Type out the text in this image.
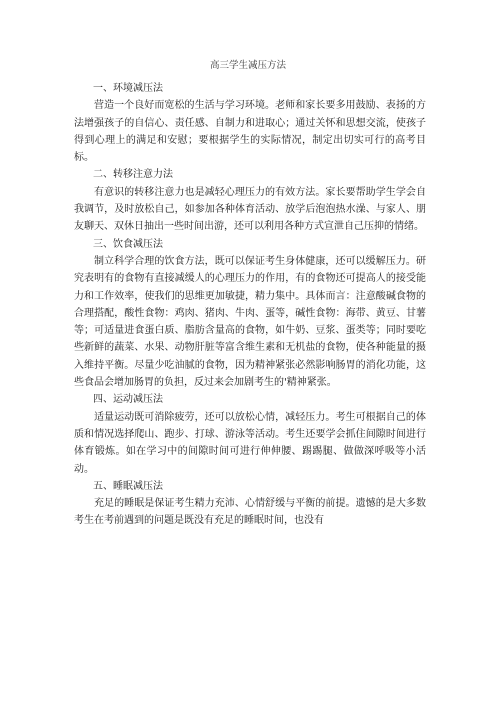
高三学生减压方法
一、环境减压法
营造一个良好而宽松的生活与学习环境。老师和家长要多用鼓励、表扬的方法增强孩子的自信心、责任感、自制力和进取心；通过关怀和思想交流，使孩子得到心理上的满足和安慰；要根据学生的实际情况，制定出切实可行的高考目标。
二、转移注意力法
有意识的转移注意力也是减轻心理压力的有效方法。家长要帮助学生学会自我调节，及时放松自己，如参加各种体育活动、放学后泡泡热水澡、与家人、朋友聊天、双休日抽出一些时间出游，还可以利用各种方式宣泄自己压抑的情绪。
三、饮食减压法
制立科学合理的饮食方法，既可以保证考生身体健康，还可以缓解压力。研究表明有的食物有直接减缓人的心理压力的作用，有的食物还可提高人的接受能力和工作效率，使我们的思维更加敏捷，精力集中。具体而言：注意酸碱食物的合理搭配，酸性食物：鸡肉、猪肉、牛肉、蛋等，碱性食物：海带、黄豆、甘薯等；可适量进食蛋白质、脂肪含量高的食物，如牛奶、豆浆、蛋类等；同时要吃些新鲜的蔬菜、水果、动物肝脏等富含维生素和无机盐的食物，使各种能量的摄入维持平衡。尽量少吃油腻的食物，因为精神紧张必然影响肠胃的消化功能，这些食品会增加肠胃的负担，反过来会加剧考生的'精神紧张。
四、运动减压法
适量运动既可消除疲劳，还可以放松心情，减轻压力。考生可根据自己的体质和情况选择爬山、跑步、打球、游泳等活动。考生还要学会抓住间隙时间进行体育锻炼。如在学习中的间隙时间可进行伸伸腰、踢踢腿、做做深呼吸等小活动。
五、睡眠减压法
充足的睡眠是保证考生精力充沛、心情舒缓与平衡的前提。遗憾的是大多数考生在考前遇到的问题是既没有充足的睡眠时间，也没有
